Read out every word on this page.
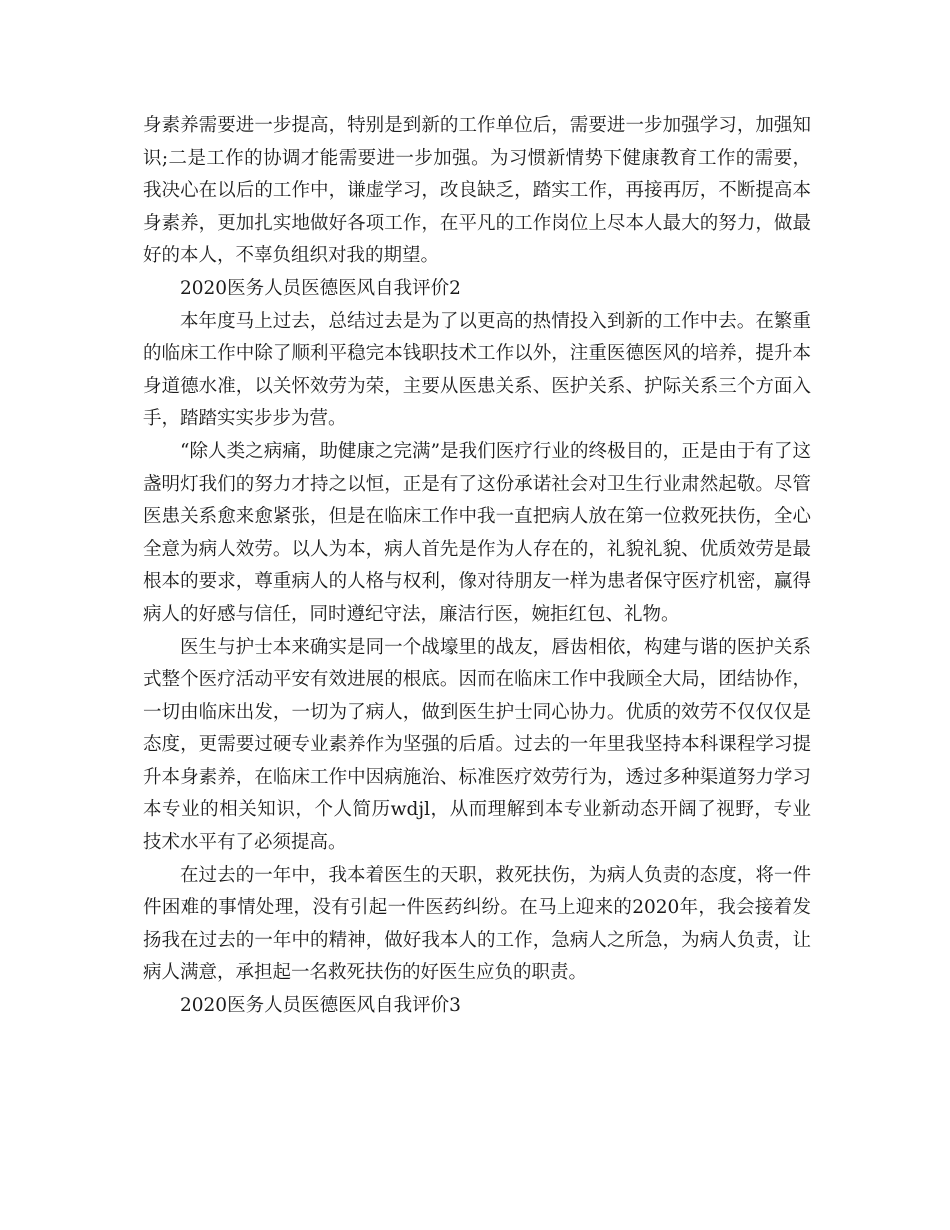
身素养需要进一步提高，特别是到新的工作单位后，需要进一步加强学习，加强知识;二是工作的协调才能需要进一步加强。为习惯新情势下健康教育工作的需要，我决心在以后的工作中，谦虚学习，改良缺乏，踏实工作，再接再厉，不断提高本身素养，更加扎实地做好各项工作，在平凡的工作岗位上尽本人最大的努力，做最好的本人，不辜负组织对我的期望。

2020医务人员医德医风自我评价2

本年度马上过去，总结过去是为了以更高的热情投入到新的工作中去。在繁重的临床工作中除了顺利平稳完本钱职技术工作以外，注重医德医风的培养，提升本身道德水准，以关怀效劳为荣，主要从医患关系、医护关系、护际关系三个方面入手，踏踏实实步步为营。

“除人类之病痛，助健康之完满”是我们医疗行业的终极目的，正是由于有了这盏明灯我们的努力才持之以恒，正是有了这份承诺社会对卫生行业肃然起敬。尽管医患关系愈来愈紧张，但是在临床工作中我一直把病人放在第一位救死扶伤，全心全意为病人效劳。以人为本，病人首先是作为人存在的，礼貌礼貌、优质效劳是最根本的要求，尊重病人的人格与权利，像对待朋友一样为患者保守医疗机密，赢得病人的好感与信任，同时遵纪守法，廉洁行医，婉拒红包、礼物。

医生与护士本来确实是同一个战壕里的战友，唇齿相依，构建与谐的医护关系式整个医疗活动平安有效进展的根底。因而在临床工作中我顾全大局，团结协作，一切由临床出发，一切为了病人，做到医生护士同心协力。优质的效劳不仅仅仅是态度，更需要过硬专业素养作为坚强的后盾。过去的一年里我坚持本科课程学习提升本身素养，在临床工作中因病施治、标准医疗效劳行为，透过多种渠道努力学习本专业的相关知识，个人简历wdjl，从而理解到本专业新动态开阔了视野，专业技术水平有了必须提高。

在过去的一年中，我本着医生的天职，救死扶伤，为病人负责的态度，将一件件困难的事情处理，没有引起一件医药纠纷。在马上迎来的2020年，我会接着发扬我在过去的一年中的精神，做好我本人的工作，急病人之所急，为病人负责，让病人满意，承担起一名救死扶伤的好医生应负的职责。

2020医务人员医德医风自我评价3
